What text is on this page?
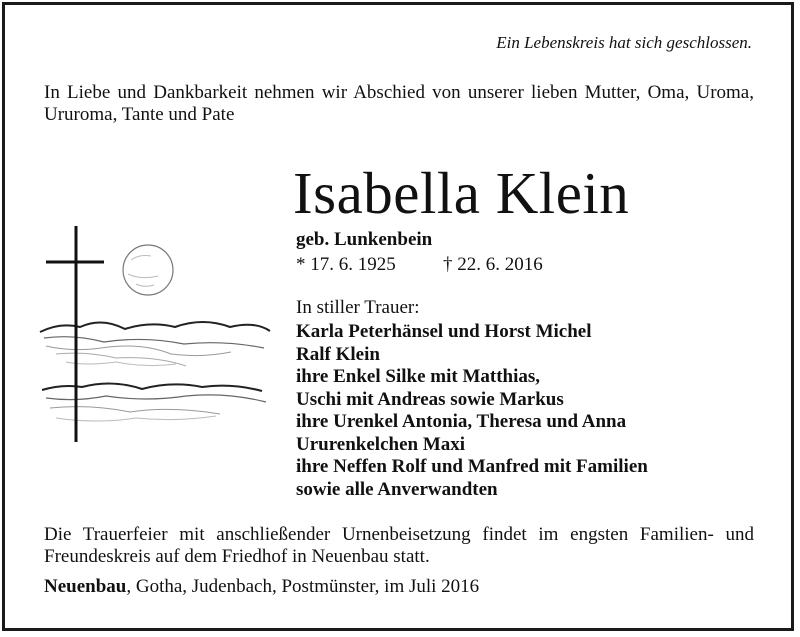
Ein Lebenskreis hat sich geschlossen.
In Liebe und Dankbarkeit nehmen wir Abschied von unserer lieben Mutter, Oma, Uroma, Ururoma, Tante und Pate
Isabella Klein
geb. Lunkenbein
* 17. 6. 1925 † 22. 6. 2016
In stiller Trauer:
Karla Peterhänsel und Horst Michel
Ralf Klein
ihre Enkel Silke mit Matthias,
Uschi mit Andreas sowie Markus
ihre Urenkel Antonia, Theresa und Anna
Ururenkelchen Maxi
ihre Neffen Rolf und Manfred mit Familien
sowie alle Anverwandten
Die Trauerfeier mit anschließender Urnenbeisetzung findet im engsten Familien- und Freundeskreis auf dem Friedhof in Neuenbau statt.
Neuenbau, Gotha, Judenbach, Postmünster, im Juli 2016
